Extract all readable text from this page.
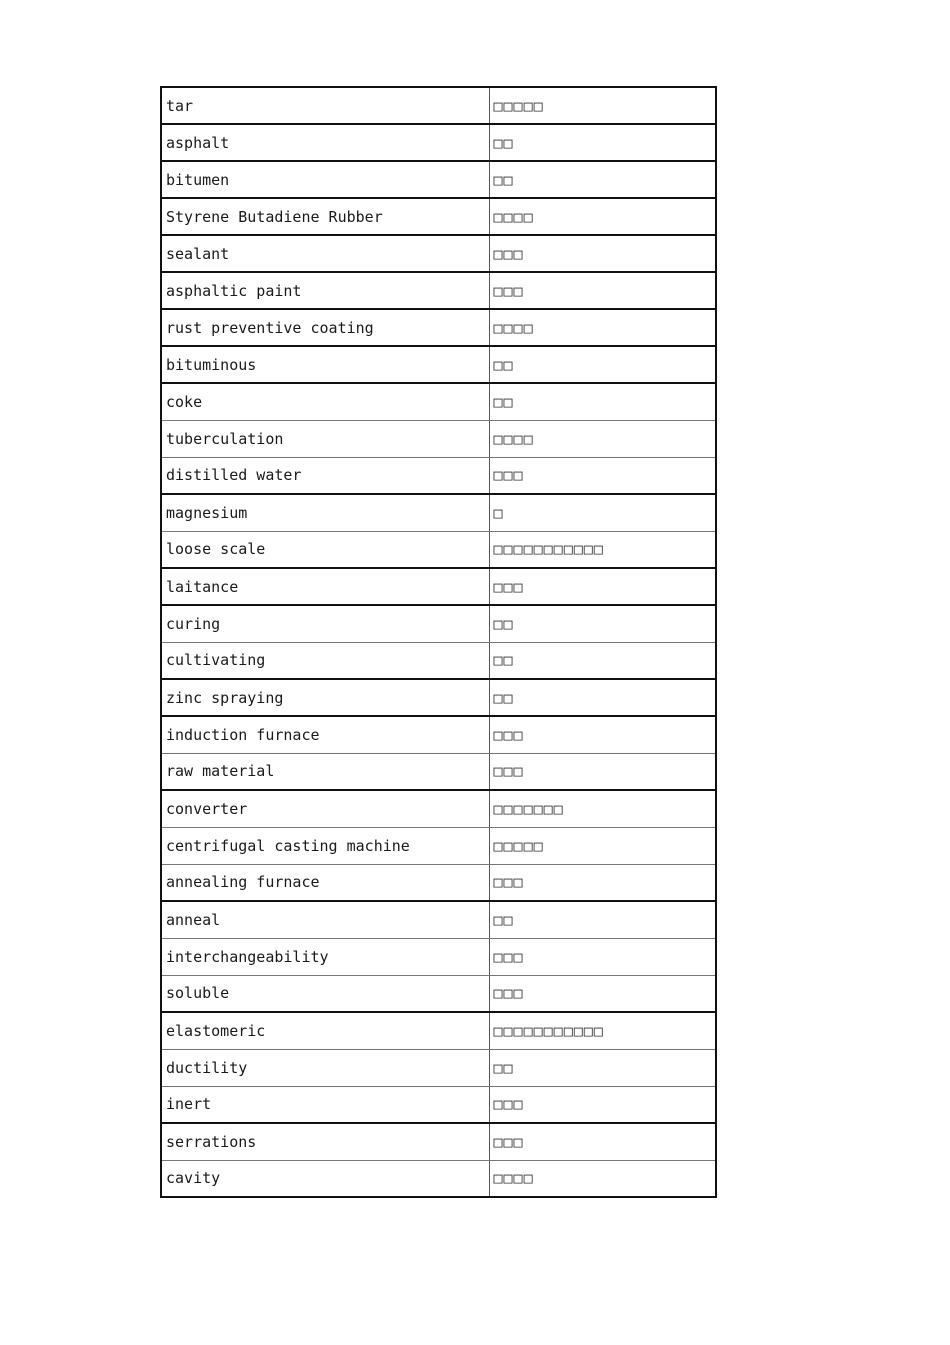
tar	□□□□□
asphalt	□□
bitumen	□□
Styrene Butadiene Rubber	□□□□
sealant	□□□
asphaltic paint	□□□
rust preventive coating	□□□□
bituminous	□□
coke	□□
tuberculation	□□□□
distilled water	□□□
magnesium	□
loose scale	□□□□□□□□□□□
laitance	□□□
curing	□□
cultivating	□□
zinc spraying	□□
induction furnace	□□□
raw material	□□□
converter	□□□□□□□
centrifugal casting machine	□□□□□
annealing furnace	□□□
anneal	□□
interchangeability	□□□
soluble	□□□
elastomeric	□□□□□□□□□□□
ductility	□□
inert	□□□
serrations	□□□
cavity	□□□□
